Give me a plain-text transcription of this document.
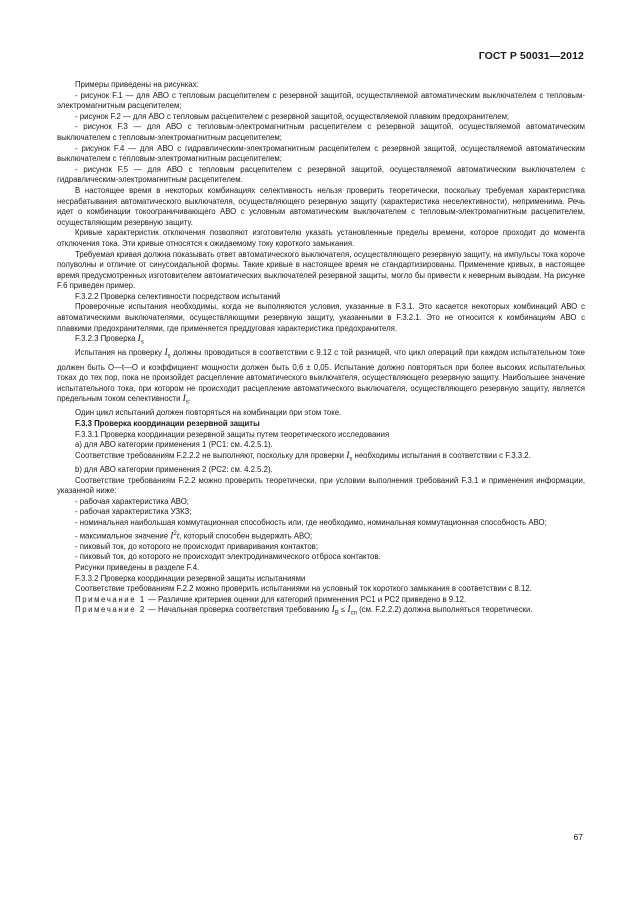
ГОСТ Р 50031—2012

Примеры приведены на рисунках:

- рисунок F.1 — для АВО с тепловым расцепителем с резервной защитой, осуществляемой автоматическим выключателем с тепловым-электромагнитным расцепителем;

- рисунок F.2 — для АВО с тепловым расцепителем с резервной защитой, осуществляемой плавким предохранителем;

- рисунок F.3 — для АВО с тепловым-электромагнитным расцепителем с резервной защитой, осуществляемой автоматическим выключателем с тепловым-электромагнитным расцепителем;

- рисунок F.4 — для АВО с гидравлическим-электромагнитным расцепителем с резервной защитой, осуществляемой автоматическим выключателем с тепловым-электромагнитным расцепителем;

- рисунок F.5 — для АВО с тепловым расцепителем с резервной защитой, осуществляемой автоматическим выключателем с гидравлическим-электромагнитным расцепителем.

В настоящее время в некоторых комбинациях селективность нельзя проверить теоретически, поскольку требуемая характеристика несрабатывания автоматического выключателя, осуществляющего резервную защиту (характеристика неселективности), неприменима. Речь идет о комбинации токоограничивающего АВО с условным автоматическим выключателем с тепловым-электромагнитным расцепителем, осуществляющим резервную защиту.

Кривые характеристик отключения позволяют изготовителю указать установленные пределы времени, которое проходит до момента отключения тока. Эти кривые относятся к ожидаемому току короткого замыкания.

Требуемая кривая должна показывать ответ автоматического выключателя, осуществляющего резервную защиту, на импульсы тока короче полуволны и отличие от синусоидальной формы. Такие кривые в настоящее время не стандартизированы. Применение кривых, в настоящее время предусмотренных изготовителем автоматических выключателей резервной защиты, могло бы привести к неверным выводам. На рисунке F.6 приведен пример.

F.3.2.2 Проверка селективности посредством испытаний

Проверочные испытания необходимы, когда не выполняются условия, указанные в F.3.1. Это касается некоторых комбинаций АВО с автоматическими выключателями, осуществляющими резервную защиту, указанными в F.3.2.1. Это не относится к комбинациям АВО с плавкими предохранителями, где применяется преддуговая характеристика предохранителя.

F.3.2.3 Проверка $I_s$

Испытания на проверку $I_s$ должны проводиться в соответствии с 9.12 с той разницей, что цикл операций при каждом испытательном токе должен быть О—t—О и коэффициент мощности должен быть 0,6 ± 0,05. Испытание должно повторяться при более высоких испытательных токах до тех пор, пока не произойдет расцепление автоматического выключателя, осуществляющего резервную защиту. Наибольшее значение испытательного тока, при котором не происходит расцепление автоматического выключателя, осуществляющего резервную защиту, является предельным током селективности $I_s$.

Один цикл испытаний должен повторяться на комбинации при этом токе.

F.3.3 Проверка координации резервной защиты

F.3.3.1 Проверка координации резервной защиты путем теоретического исследования

а) для АВО категории применения 1 (РС1: см. 4.2.5.1).

Соответствие требованиям F.2.2.2 не выполняют, поскольку для проверки $I_s$ необходимы испытания в соответствии с F.3.3.2.

b) для АВО категории применения 2 (РС2: см. 4.2.5.2).

Соответствие требованиям F.2.2 можно проверить теоретически, при условии выполнения требований F.3.1 и применения информации, указанной ниже:

- рабочая характеристика АВО;

- рабочая характеристика УЗКЗ;

- номинальная наибольшая коммутационная способность или, где необходимо, номинальная коммутационная способность АВО;

- максимальное значение $I^2t$, который способен выдержать АВО;

- пиковый ток, до которого не происходит приваривания контактов;

- пиковый ток, до которого не происходит электродинамического отброса контактов.

Рисунки приведены в разделе F.4.

F.3.3.2 Проверка координации резервной защиты испытаниями

Соответствие требованиям F.2.2 можно проверить испытаниями на условный ток короткого замыкания в соответствии с 8.12.

Примечание 1 — Различие критериев оценки для категорий применения РС1 и РС2 приведено в 9.12.

Примечание 2 — Начальная проверка соответствия требованию $I_B \le I_{cn}$ (см. F.2.2.2) должна выполняться теоретически.

67
